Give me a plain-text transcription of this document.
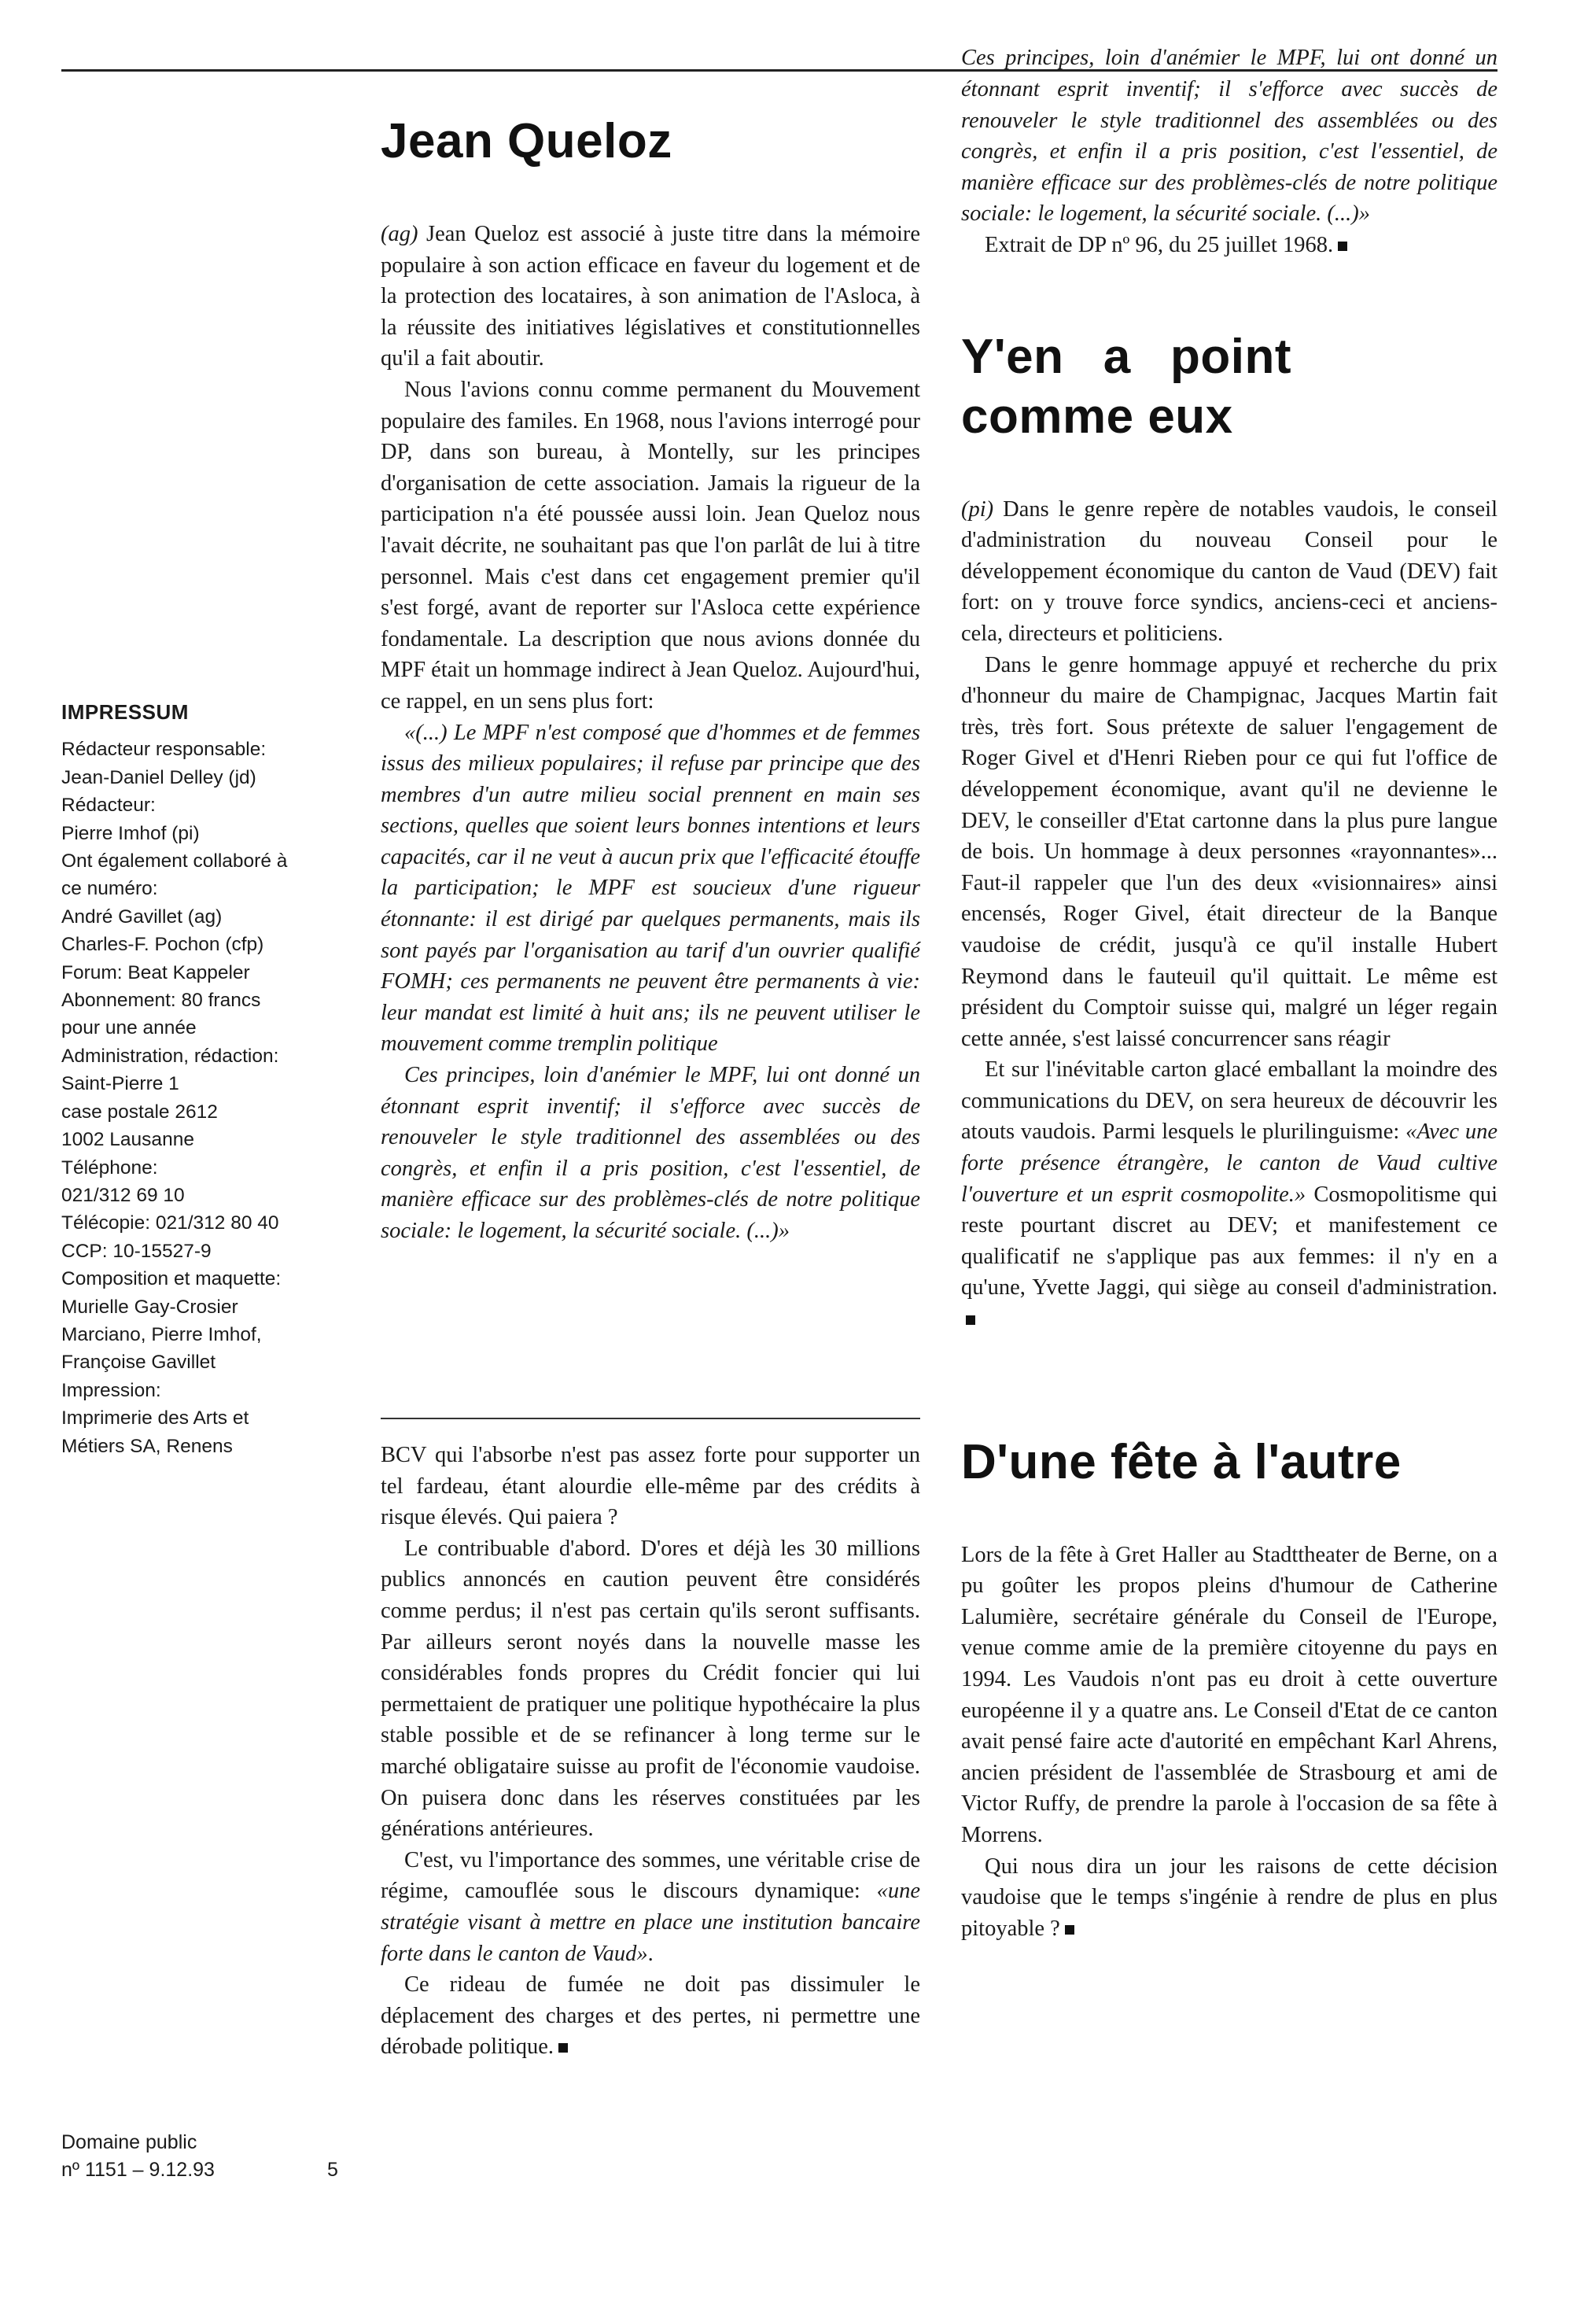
IMPRESSUM
Rédacteur responsable:
Jean-Daniel Delley (jd)
Rédacteur:
Pierre Imhof (pi)
Ont également collaboré à
ce numéro:
André Gavillet (ag)
Charles-F. Pochon (cfp)
Forum: Beat Kappeler
Abonnement: 80 francs
pour une année
Administration, rédaction:
Saint-Pierre 1
case postale 2612
1002 Lausanne
Téléphone:
021/312 69 10
Télécopie: 021/312 80 40
CCP: 10-15527-9
Composition et maquette:
Murielle Gay-Crosier
Marciano, Pierre Imhof,
Françoise Gavillet
Impression:
Imprimerie des Arts et
Métiers SA, Renens
Domaine public
nº 1151 – 9.12.93	5
Jean Queloz

(ag) Jean Queloz est associé à juste titre dans la mémoire populaire à son action efficace en faveur du logement et de la protection des locataires, à son animation de l'Asloca, à la réussite des initiatives législatives et constitutionnelles qu'il a fait aboutir.

Nous l'avions connu comme permanent du Mouvement populaire des familes. En 1968, nous l'avions interrogé pour DP, dans son bureau, à Montelly, sur les principes d'organisation de cette association. Jamais la rigueur de la participation n'a été poussée aussi loin. Jean Queloz nous l'avait décrite, ne souhaitant pas que l'on parlât de lui à titre personnel. Mais c'est dans cet engagement premier qu'il s'est forgé, avant de reporter sur l'Asloca cette expérience fondamentale. La description que nous avions donnée du MPF était un hommage indirect à Jean Queloz. Aujourd'hui, ce rappel, en un sens plus fort:

«(...) Le MPF n'est composé que d'hommes et de femmes issus des milieux populaires; il refuse par principe que des membres d'un autre milieu social prennent en main ses sections, quelles que soient leurs bonnes intentions et leurs capacités, car il ne veut à aucun prix que l'efficacité étouffe la participation; le MPF est soucieux d'une rigueur étonnante: il est dirigé par quelques permanents, mais ils sont payés par l'organisation au tarif d'un ouvrier qualifié FOMH; ces permanents ne peuvent être permanents à vie: leur mandat est limité à huit ans; ils ne peuvent utiliser le mouvement comme tremplin politique

Ces principes, loin d'anémier le MPF, lui ont donné un étonnant esprit inventif; il s'efforce avec succès de renouveler le style traditionnel des assemblées ou des congrès, et enfin il a pris position, c'est l'essentiel, de manière efficace sur des problèmes-clés de notre politique sociale: le logement, la sécurité sociale. (...)»

BCV qui l'absorbe n'est pas assez forte pour supporter un tel fardeau, étant alourdie elle-même par des crédits à risque élevés. Qui paiera ?

Le contribuable d'abord. D'ores et déjà les 30 millions publics annoncés en caution peuvent être considérés comme perdus; il n'est pas certain qu'ils seront suffisants. Par ailleurs seront noyés dans la nouvelle masse les considérables fonds propres du Crédit foncier qui lui permettaient de pratiquer une politique hypothécaire la plus stable possible et de se refinancer à long terme sur le marché obligataire suisse au profit de l'économie vaudoise. On puisera donc dans les réserves constituées par les générations antérieures.

C'est, vu l'importance des sommes, une véritable crise de régime, camouflée sous le discours dynamique: «une stratégie visant à mettre en place une institution bancaire forte dans le canton de Vaud».

Ce rideau de fumée ne doit pas dissimuler le déplacement des charges et des pertes, ni permettre une dérobade politique.

Ces principes, loin d'anémier le MPF, lui ont donné un étonnant esprit inventif; il s'efforce avec succès de renouveler le style traditionnel des assemblées ou des congrès, et enfin il a pris position, c'est l'essentiel, de manière efficace sur des problèmes-clés de notre politique sociale: le logement, la sécurité sociale. (...)»

Extrait de DP nº 96, du 25 juillet 1968.

Y'en a point comme eux

(pi) Dans le genre repère de notables vaudois, le conseil d'administration du nouveau Conseil pour le développement économique du canton de Vaud (DEV) fait fort: on y trouve force syndics, anciens-ceci et anciens-cela, directeurs et politiciens.

Dans le genre hommage appuyé et recherche du prix d'honneur du maire de Champignac, Jacques Martin fait très, très fort. Sous prétexte de saluer l'engagement de Roger Givel et d'Henri Rieben pour ce qui fut l'office de développement économique, avant qu'il ne devienne le DEV, le conseiller d'Etat cartonne dans la plus pure langue de bois. Un hommage à deux personnes «rayonnantes»... Faut-il rappeler que l'un des deux «visionnaires» ainsi encensés, Roger Givel, était directeur de la Banque vaudoise de crédit, jusqu'à ce qu'il installe Hubert Reymond dans le fauteuil qu'il quittait. Le même est président du Comptoir suisse qui, malgré un léger regain cette année, s'est laissé concurrencer sans réagir

Et sur l'inévitable carton glacé emballant la moindre des communications du DEV, on sera heureux de découvrir les atouts vaudois. Parmi lesquels le plurilinguisme: «Avec une forte présence étrangère, le canton de Vaud cultive l'ouverture et un esprit cosmopolite.» Cosmopolitisme qui reste pourtant discret au DEV; et manifestement ce qualificatif ne s'applique pas aux femmes: il n'y en a qu'une, Yvette Jaggi, qui siège au conseil d'administration.

D'une fête à l'autre

Lors de la fête à Gret Haller au Stadttheater de Berne, on a pu goûter les propos pleins d'humour de Catherine Lalumière, secrétaire générale du Conseil de l'Europe, venue comme amie de la première citoyenne du pays en 1994. Les Vaudois n'ont pas eu droit à cette ouverture européenne il y a quatre ans. Le Conseil d'Etat de ce canton avait pensé faire acte d'autorité en empêchant Karl Ahrens, ancien président de l'assemblée de Strasbourg et ami de Victor Ruffy, de prendre la parole à l'occasion de sa fête à Morrens.

Qui nous dira un jour les raisons de cette décision vaudoise que le temps s'ingénie à rendre de plus en plus pitoyable ?
